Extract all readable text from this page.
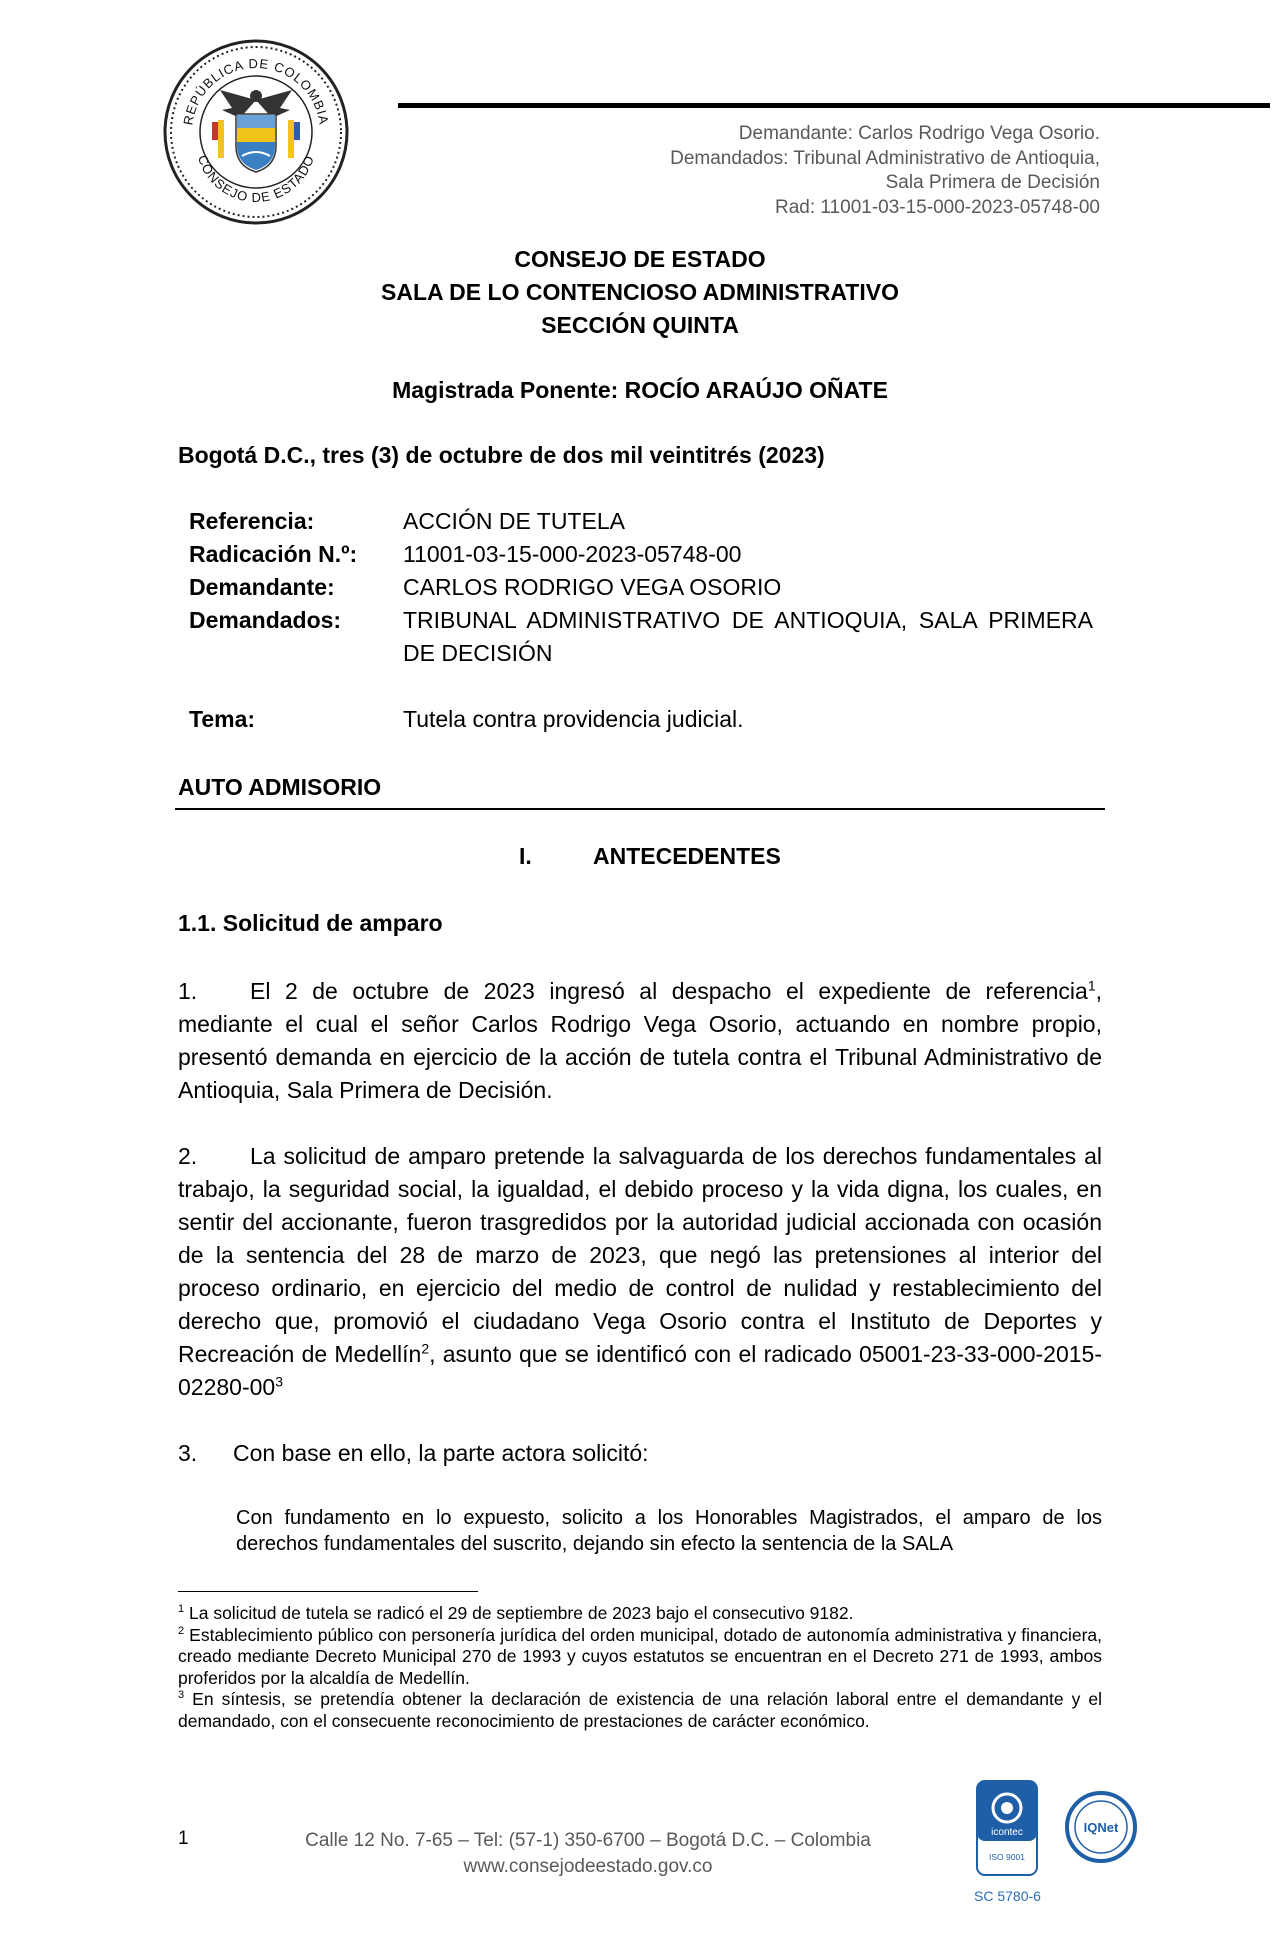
REPÚBLICA DE COLOMBIA
CONSEJO DE ESTADO
Demandante: Carlos Rodrigo Vega Osorio.
Demandados: Tribunal Administrativo de Antioquia,
Sala Primera de Decisión
Rad: 11001-03-15-000-2023-05748-00
CONSEJO DE ESTADO
SALA DE LO CONTENCIOSO ADMINISTRATIVO
SECCIÓN QUINTA
Magistrada Ponente: ROCÍO ARAÚJO OÑATE
Bogotá D.C., tres (3) de octubre de dos mil veintitrés (2023)
Referencia:	ACCIÓN DE TUTELA
Radicación N.º:	11001-03-15-000-2023-05748-00
Demandante:	CARLOS RODRIGO VEGA OSORIO
Demandados:	TRIBUNAL ADMINISTRATIVO DE ANTIOQUIA, SALA PRIMERA DE DECISIÓN
Tema:	Tutela contra providencia judicial.
AUTO ADMISORIO
I.	ANTECEDENTES
1.1. Solicitud de amparo
1. El 2 de octubre de 2023 ingresó al despacho el expediente de referencia$^1$, mediante el cual el señor Carlos Rodrigo Vega Osorio, actuando en nombre propio, presentó demanda en ejercicio de la acción de tutela contra el Tribunal Administrativo de Antioquia, Sala Primera de Decisión.
2. La solicitud de amparo pretende la salvaguarda de los derechos fundamentales al trabajo, la seguridad social, la igualdad, el debido proceso y la vida digna, los cuales, en sentir del accionante, fueron trasgredidos por la autoridad judicial accionada con ocasión de la sentencia del 28 de marzo de 2023, que negó las pretensiones al interior del proceso ordinario, en ejercicio del medio de control de nulidad y restablecimiento del derecho que, promovió el ciudadano Vega Osorio contra el Instituto de Deportes y Recreación de Medellín$^2$, asunto que se identificó con el radicado $05001-23-33-000-2015-02280-00^3$
3. Con base en ello, la parte actora solicitó:
Con fundamento en lo expuesto, solicito a los Honorables Magistrados, el amparo de los derechos fundamentales del suscrito, dejando sin efecto la sentencia de la SALA
$^1$ La solicitud de tutela se radicó el 29 de septiembre de 2023 bajo el consecutivo 9182.
$^2$ Establecimiento público con personería jurídica del orden municipal, dotado de autonomía administrativa y financiera, creado mediante Decreto Municipal 270 de 1993 y cuyos estatutos se encuentran en el Decreto 271 de 1993, ambos proferidos por la alcaldía de Medellín.
$^3$ En síntesis, se pretendía obtener la declaración de existencia de una relación laboral entre el demandante y el demandado, con el consecuente reconocimiento de prestaciones de carácter económico.
1	Calle 12 No. 7-65 – Tel: (57-1) 350-6700 – Bogotá D.C. – Colombia
www.consejodeestado.gov.co
icontec
ISO 9001
IQNet
SC 5780-6
